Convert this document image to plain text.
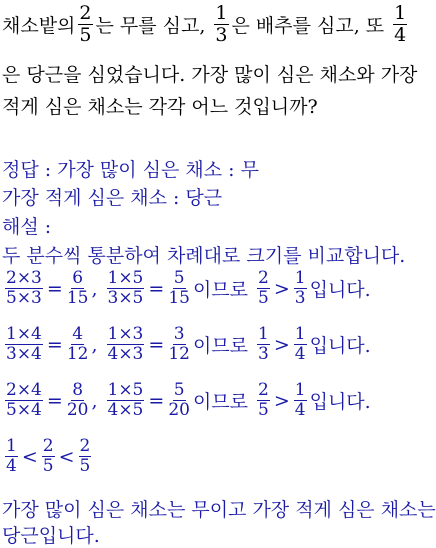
채소밭의 $\frac{2}{5}$ 는 무를 심고, $\frac{1}{3}$ 은 배추를 심고, 또 $\frac{1}{4}$
은 당근을 심었습니다. 가장 많이 심은 채소와 가장
적게 심은 채소는 각각 어느 것입니까?
정답 : 가장 많이 심은 채소 : 무
가장 적게 심은 채소 : 당근
해설 :
두 분수씩 통분하여 차례대로 크기를 비교합니다.
$\frac{2\times 3}{5\times 3} = \frac{6}{15}$ , $\frac{1\times 5}{3\times 5} = \frac{5}{15}$ 이므로 $\frac{2}{5} > \frac{1}{3}$ 입니다.
$\frac{1\times 4}{3\times 4} = \frac{4}{12}$ , $\frac{1\times 3}{4\times 3} = \frac{3}{12}$ 이므로 $\frac{1}{3} > \frac{1}{4}$ 입니다.
$\frac{2\times 4}{5\times 4} = \frac{8}{20}$ , $\frac{1\times 5}{4\times 5} = \frac{5}{20}$ 이므로 $\frac{2}{5} > \frac{1}{4}$ 입니다.
$\frac{1}{4} < \frac{2}{5} < \frac{2}{5}$
가장 많이 심은 채소는 무이고 가장 적게 심은 채소는
당근입니다.
